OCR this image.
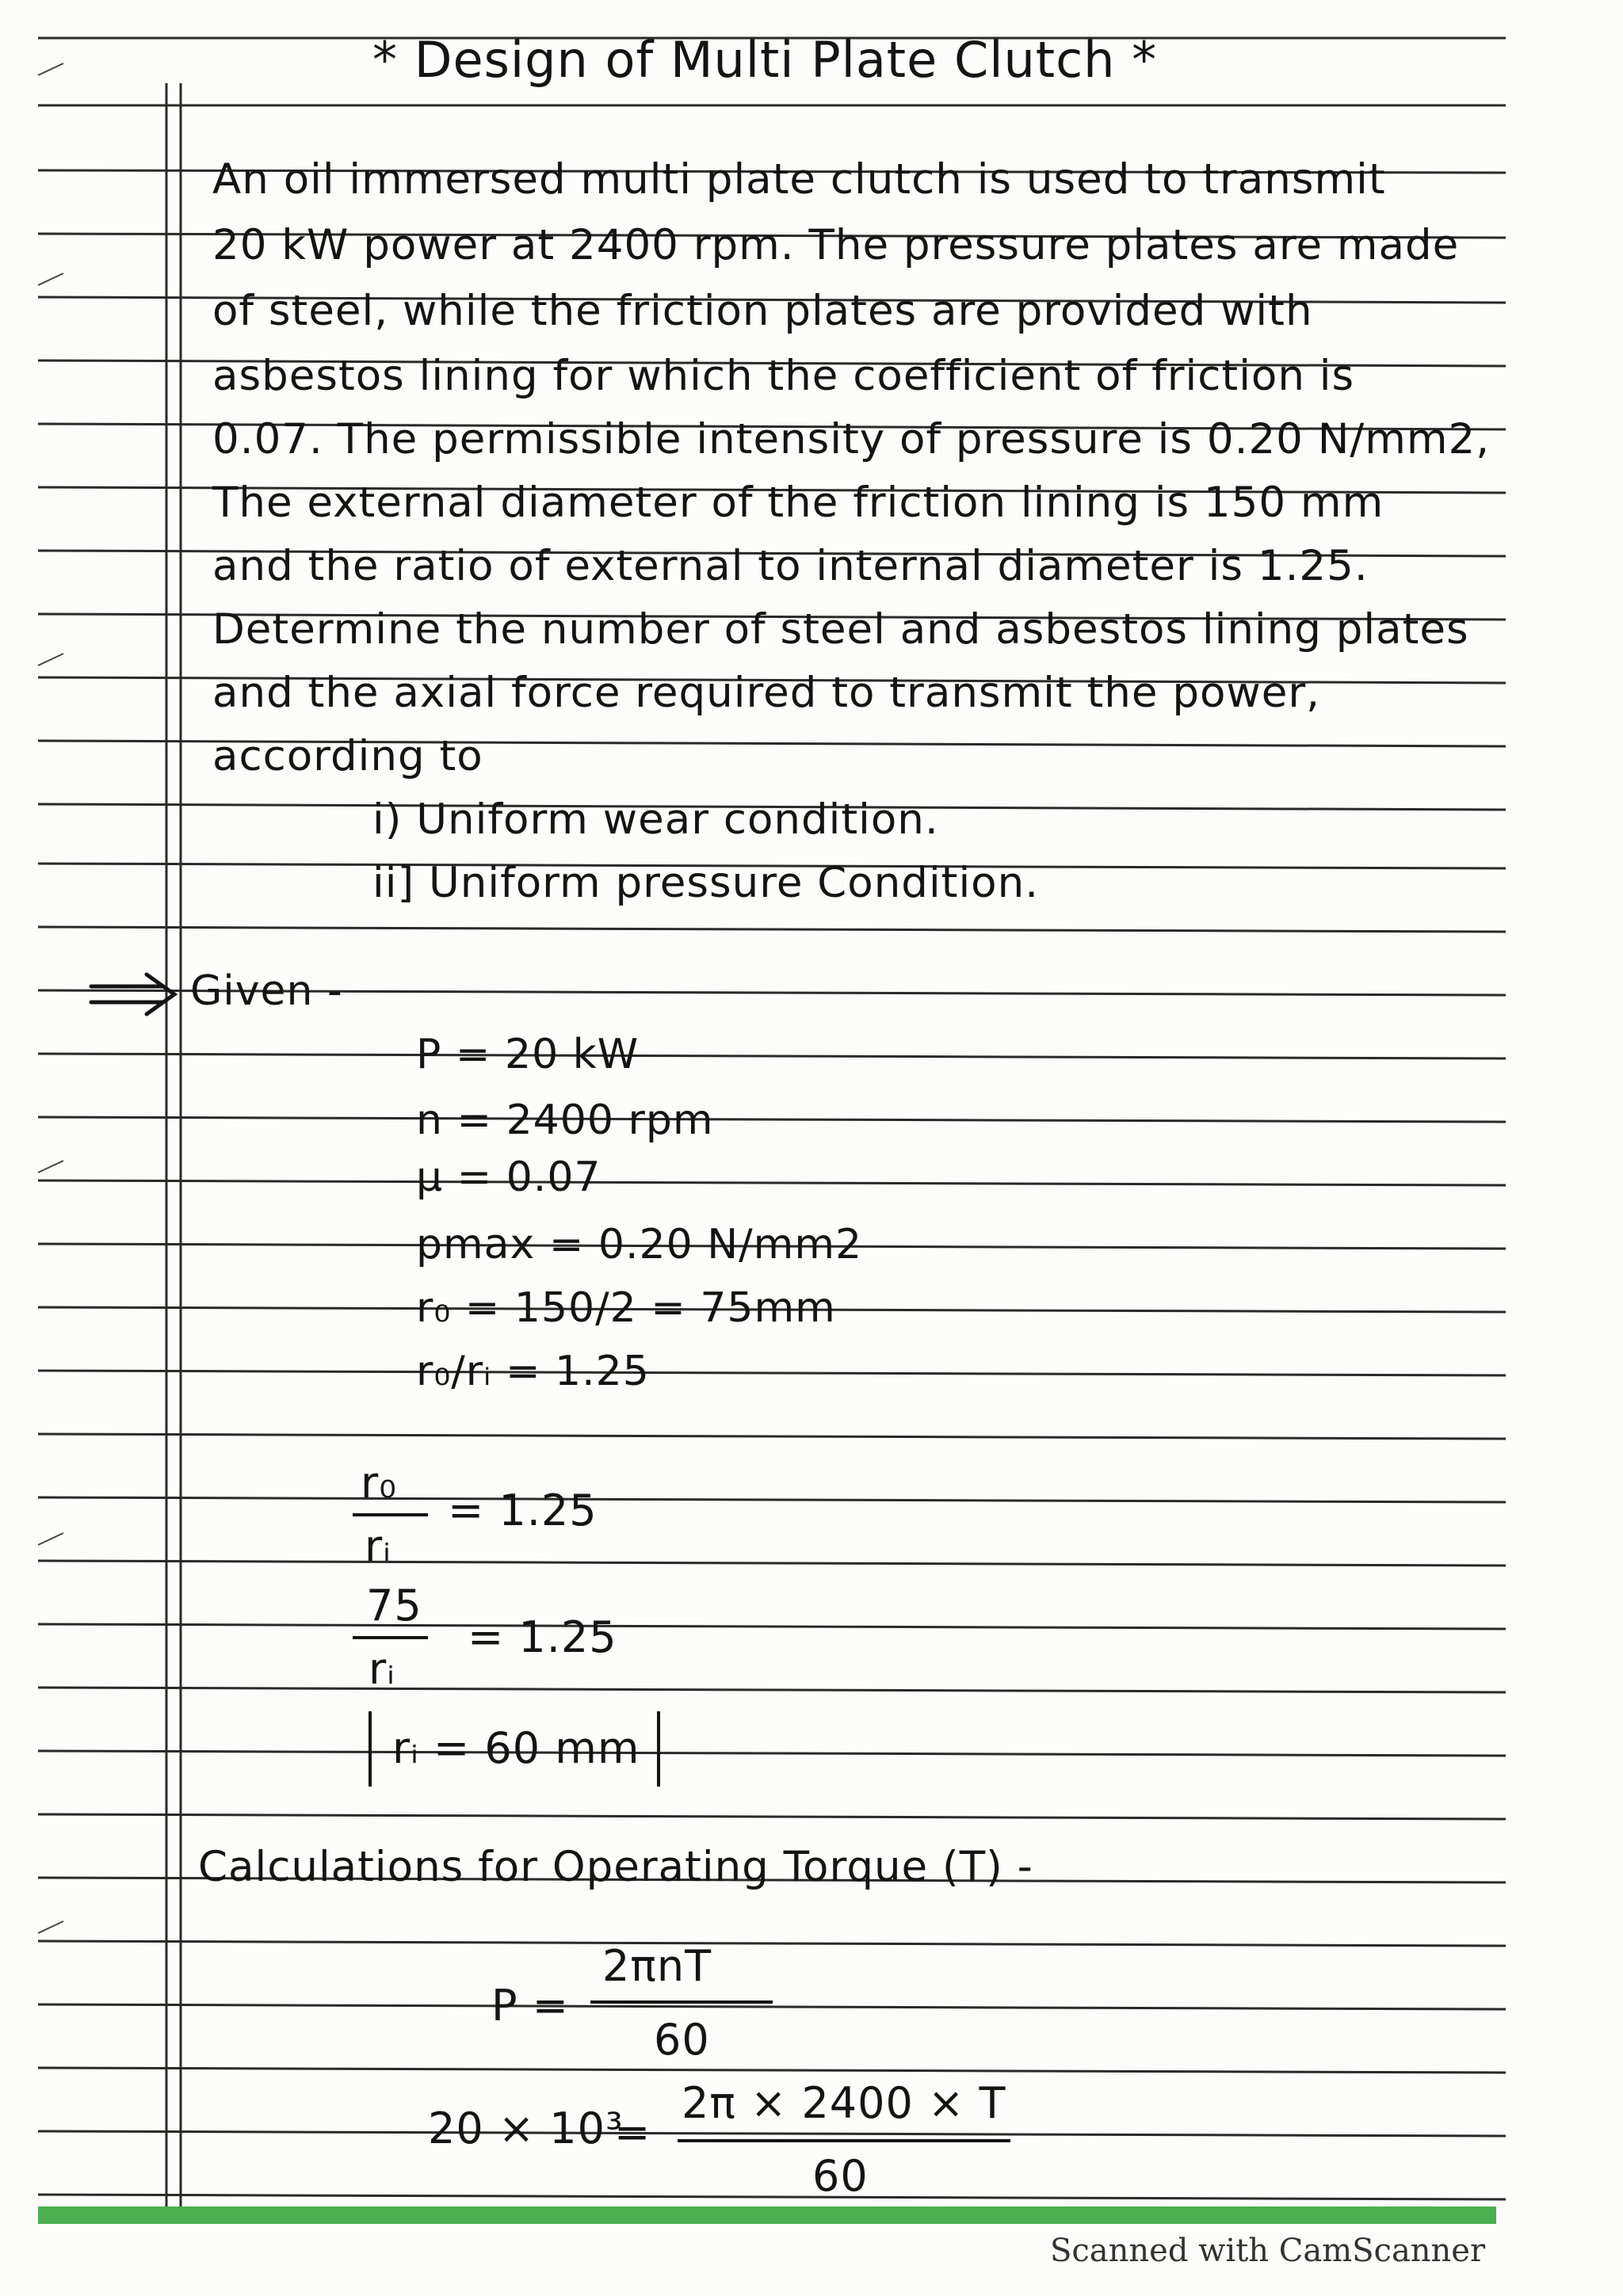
* Design of Multi Plate Clutch *
An oil immersed multi plate clutch is used to transmit
20 kW power at 2400 rpm. The pressure plates are made
of steel, while the friction plates are provided with
asbestos lining for which the coefficient of friction is
0.07. The permissible intensity of pressure is 0.20 N/mm2,
The external diameter of the friction lining is 150 mm
and the ratio of external to internal diameter is 1.25.
Determine the number of steel and asbestos lining plates
and the axial force required to transmit the power,
according to
i) Uniform wear condition.
ii] Uniform pressure Condition.
Given -
P = 20 kW
n = 2400 rpm
μ = 0.07
pmax = 0.20 N/mm2
r₀ = 150/2 = 75mm
r₀/rᵢ = 1.25
r₀
rᵢ
= 1.25
75
rᵢ
= 1.25
rᵢ = 60 mm
Calculations for Operating Torque (T) -
P =
2πnT
60
20 × 10³
=
2π × 2400 × T
60
Scanned with CamScanner
